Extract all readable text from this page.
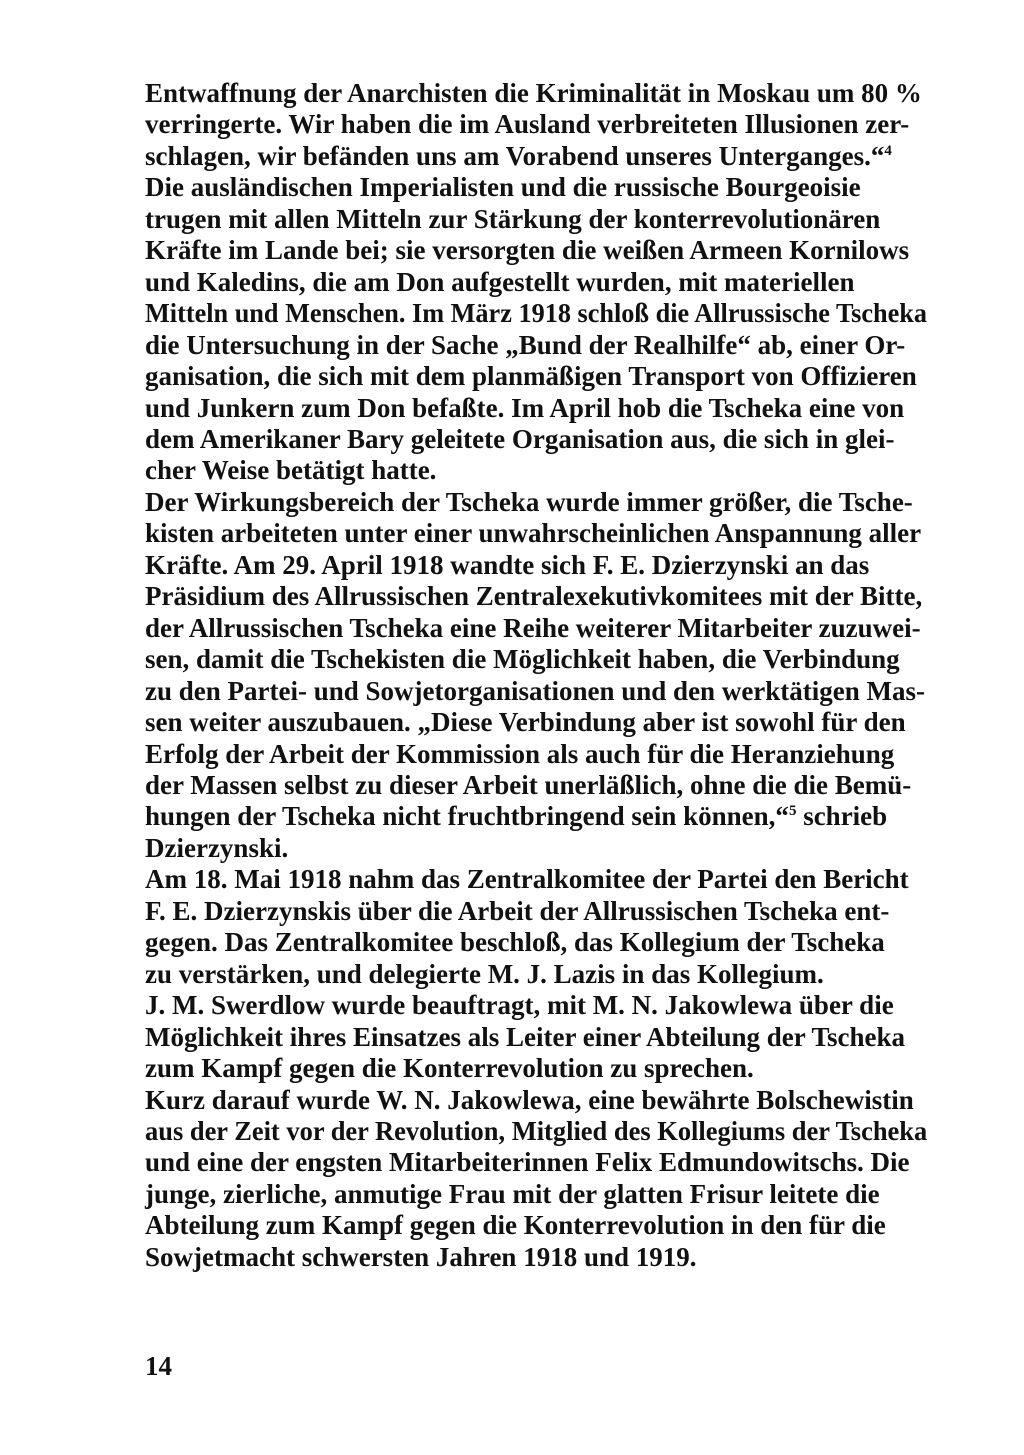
Entwaffnung der Anarchisten die Kriminalität in Moskau um 80 %
verringerte. Wir haben die im Ausland verbreiteten Illusionen zer-
schlagen, wir befänden uns am Vorabend unseres Unterganges.“$^4$

Die ausländischen Imperialisten und die russische Bourgeoisie
trugen mit allen Mitteln zur Stärkung der konterrevolutionären
Kräfte im Lande bei; sie versorgten die weißen Armeen Kornilows
und Kaledins, die am Don aufgestellt wurden, mit materiellen
Mitteln und Menschen. Im März 1918 schloß die Allrussische Tscheka
die Untersuchung in der Sache „Bund der Realhilfe“ ab, einer Or-
ganisation, die sich mit dem planmäßigen Transport von Offizieren
und Junkern zum Don befaßte. Im April hob die Tscheka eine von
dem Amerikaner Bary geleitete Organisation aus, die sich in glei-
cher Weise betätigt hatte.

Der Wirkungsbereich der Tscheka wurde immer größer, die Tsche-
kisten arbeiteten unter einer unwahrscheinlichen Anspannung aller
Kräfte. Am 29. April 1918 wandte sich F. E. Dzierzynski an das
Präsidium des Allrussischen Zentralexekutivkomitees mit der Bitte,
der Allrussischen Tscheka eine Reihe weiterer Mitarbeiter zuzuwei-
sen, damit die Tschekisten die Möglichkeit haben, die Verbindung
zu den Partei- und Sowjetorganisationen und den werktätigen Mas-
sen weiter auszubauen. „Diese Verbindung aber ist sowohl für den
Erfolg der Arbeit der Kommission als auch für die Heranziehung
der Massen selbst zu dieser Arbeit unerläßlich, ohne die die Bemü-
hungen der Tscheka nicht fruchtbringend sein können,“$^5$ schrieb
Dzierzynski.

Am 18. Mai 1918 nahm das Zentralkomitee der Partei den Bericht
F. E. Dzierzynskis über die Arbeit der Allrussischen Tscheka ent-
gegen. Das Zentralkomitee beschloß, das Kollegium der Tscheka
zu verstärken, und delegierte M. J. Lazis in das Kollegium.
J. M. Swerdlow wurde beauftragt, mit M. N. Jakowlewa über die
Möglichkeit ihres Einsatzes als Leiter einer Abteilung der Tscheka
zum Kampf gegen die Konterrevolution zu sprechen.

Kurz darauf wurde W. N. Jakowlewa, eine bewährte Bolschewistin
aus der Zeit vor der Revolution, Mitglied des Kollegiums der Tscheka
und eine der engsten Mitarbeiterinnen Felix Edmundowitschs. Die
junge, zierliche, anmutige Frau mit der glatten Frisur leitete die
Abteilung zum Kampf gegen die Konterrevolution in den für die
Sowjetmacht schwersten Jahren 1918 und 1919.

14
